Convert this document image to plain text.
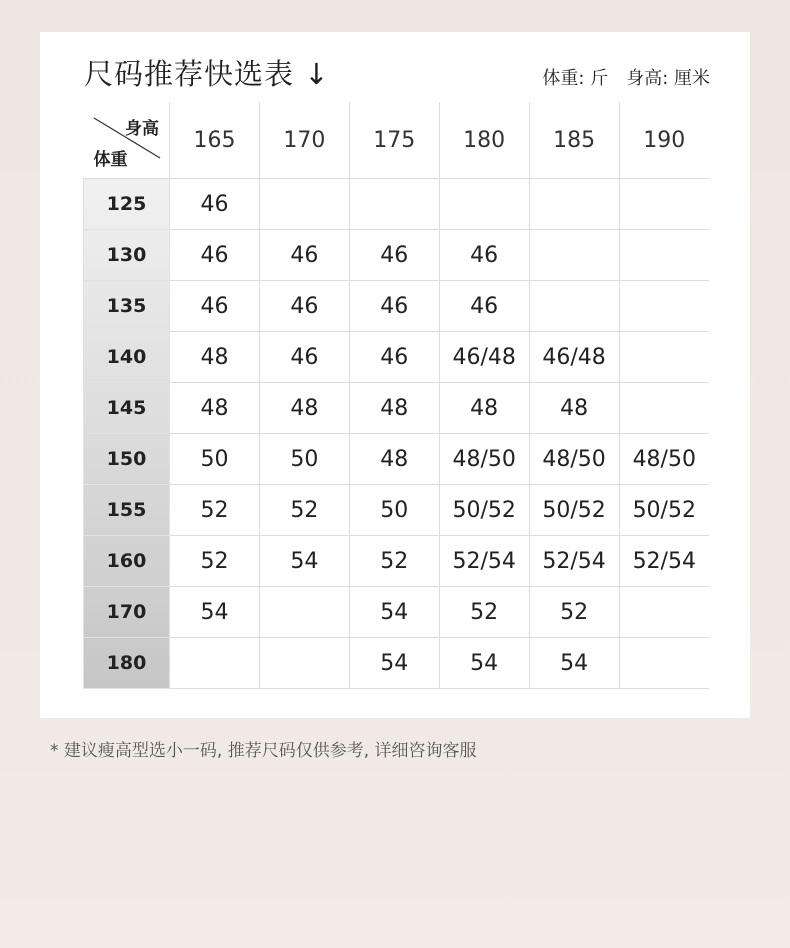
尺码推荐快选表 ↓	体重: 斤 身高: 厘米
身高
体重	165	170	175	180	185	190
125	46					
130	46	46	46	46		
135	46	46	46	46		
140	48	46	46	46/48	46/48	
145	48	48	48	48	48	
150	50	50	48	48/50	48/50	48/50
155	52	52	50	50/52	50/52	50/52
160	52	54	52	52/54	52/54	52/54
170	54		54	52	52	
180			54	54	54	
* 建议瘦高型选小一码, 推荐尺码仅供参考, 详细咨询客服
